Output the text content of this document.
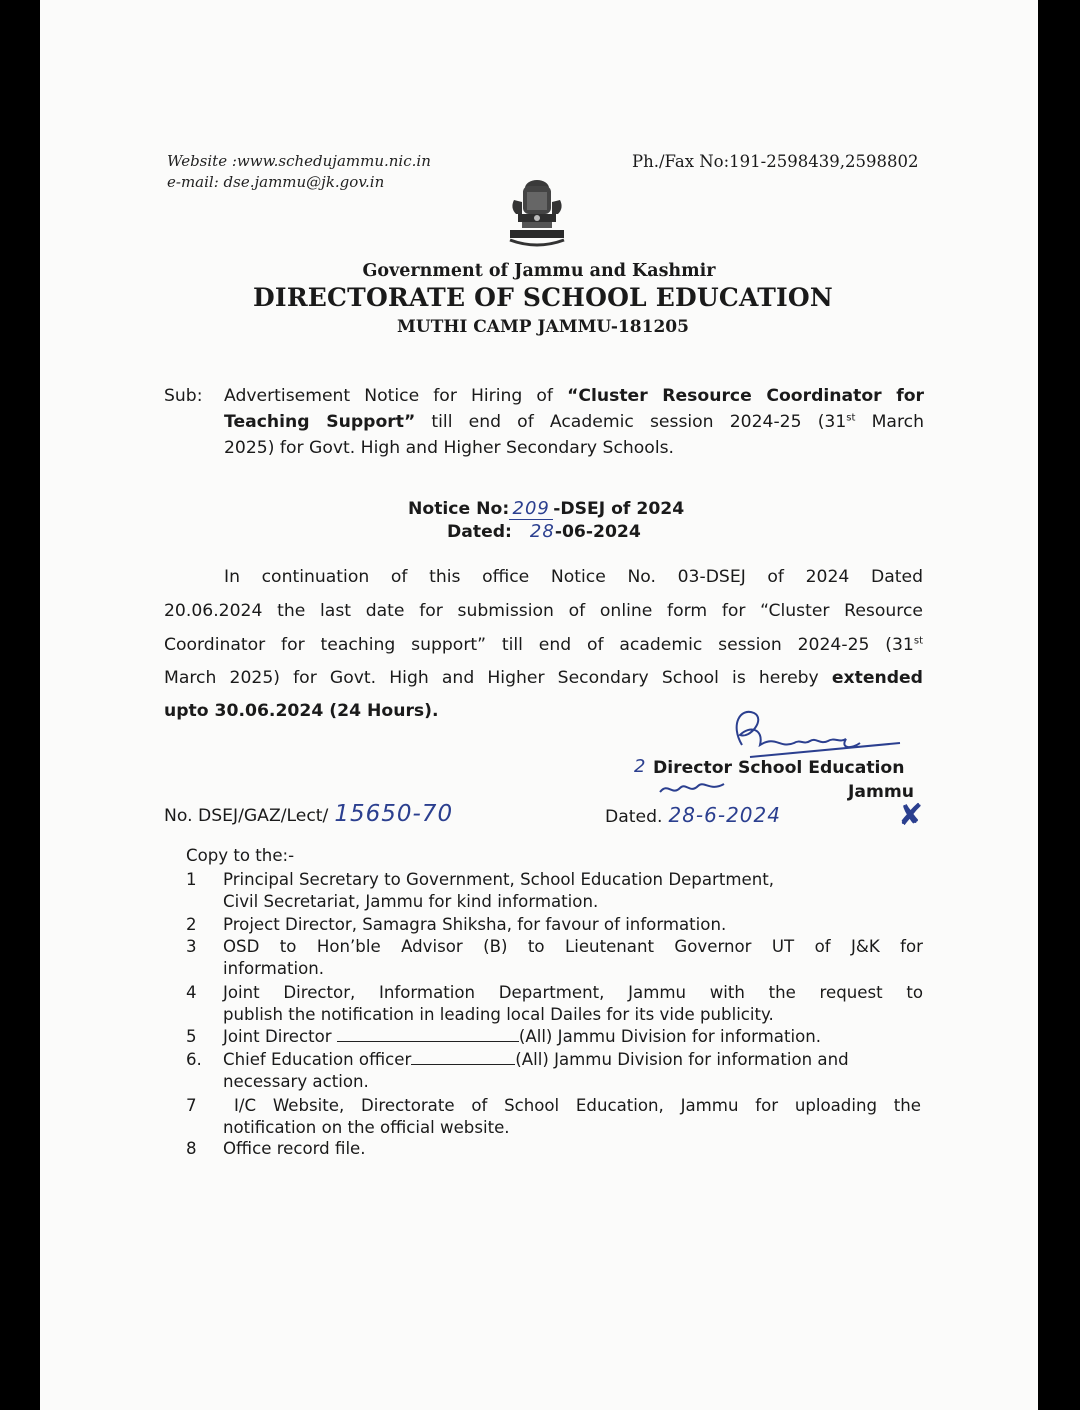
Website :www.schedujammu.nic.in
e-mail: dse.jammu@jk.gov.in
Ph./Fax No:191-2598439,2598802
Government of Jammu and Kashmir
DIRECTORATE OF SCHOOL EDUCATION
MUTHI CAMP JAMMU-181205
Sub: Advertisement Notice for Hiring of “Cluster Resource Coordinator for
Teaching Support” till end of Academic session 2024-25 (31st March
2025) for Govt. High and Higher Secondary Schools.
Notice No: 209 -DSEJ of 2024
Dated: 28-06-2024
In continuation of this office Notice No. 03-DSEJ of 2024 Dated
20.06.2024 the last date for submission of online form for “Cluster Resource
Coordinator for teaching support” till end of academic session 2024-25 (31st
March 2025) for Govt. High and Higher Secondary School is hereby extended
upto 30.06.2024 (24 Hours).
2 Director School Education
Jammu
✘
No. DSEJ/GAZ/Lect/ 15650-70	Dated. 28-6-2024
Copy to the:-
1 Principal Secretary to Government, School Education Department,
Civil Secretariat, Jammu for kind information.
2 Project Director, Samagra Shiksha, for favour of information.
3 OSD to Hon’ble Advisor (B) to Lieutenant Governor UT of J&K for
information.
4 Joint Director, Information Department, Jammu with the request to
publish the notification in leading local Dailes for its vide publicity.
5 Joint Director	(All) Jammu Division for information.
6. Chief Education officer	(All) Jammu Division for information and
necessary action.
7 I/C Website, Directorate of School Education, Jammu for uploading the
notification on the official website.
8 Office record file.
